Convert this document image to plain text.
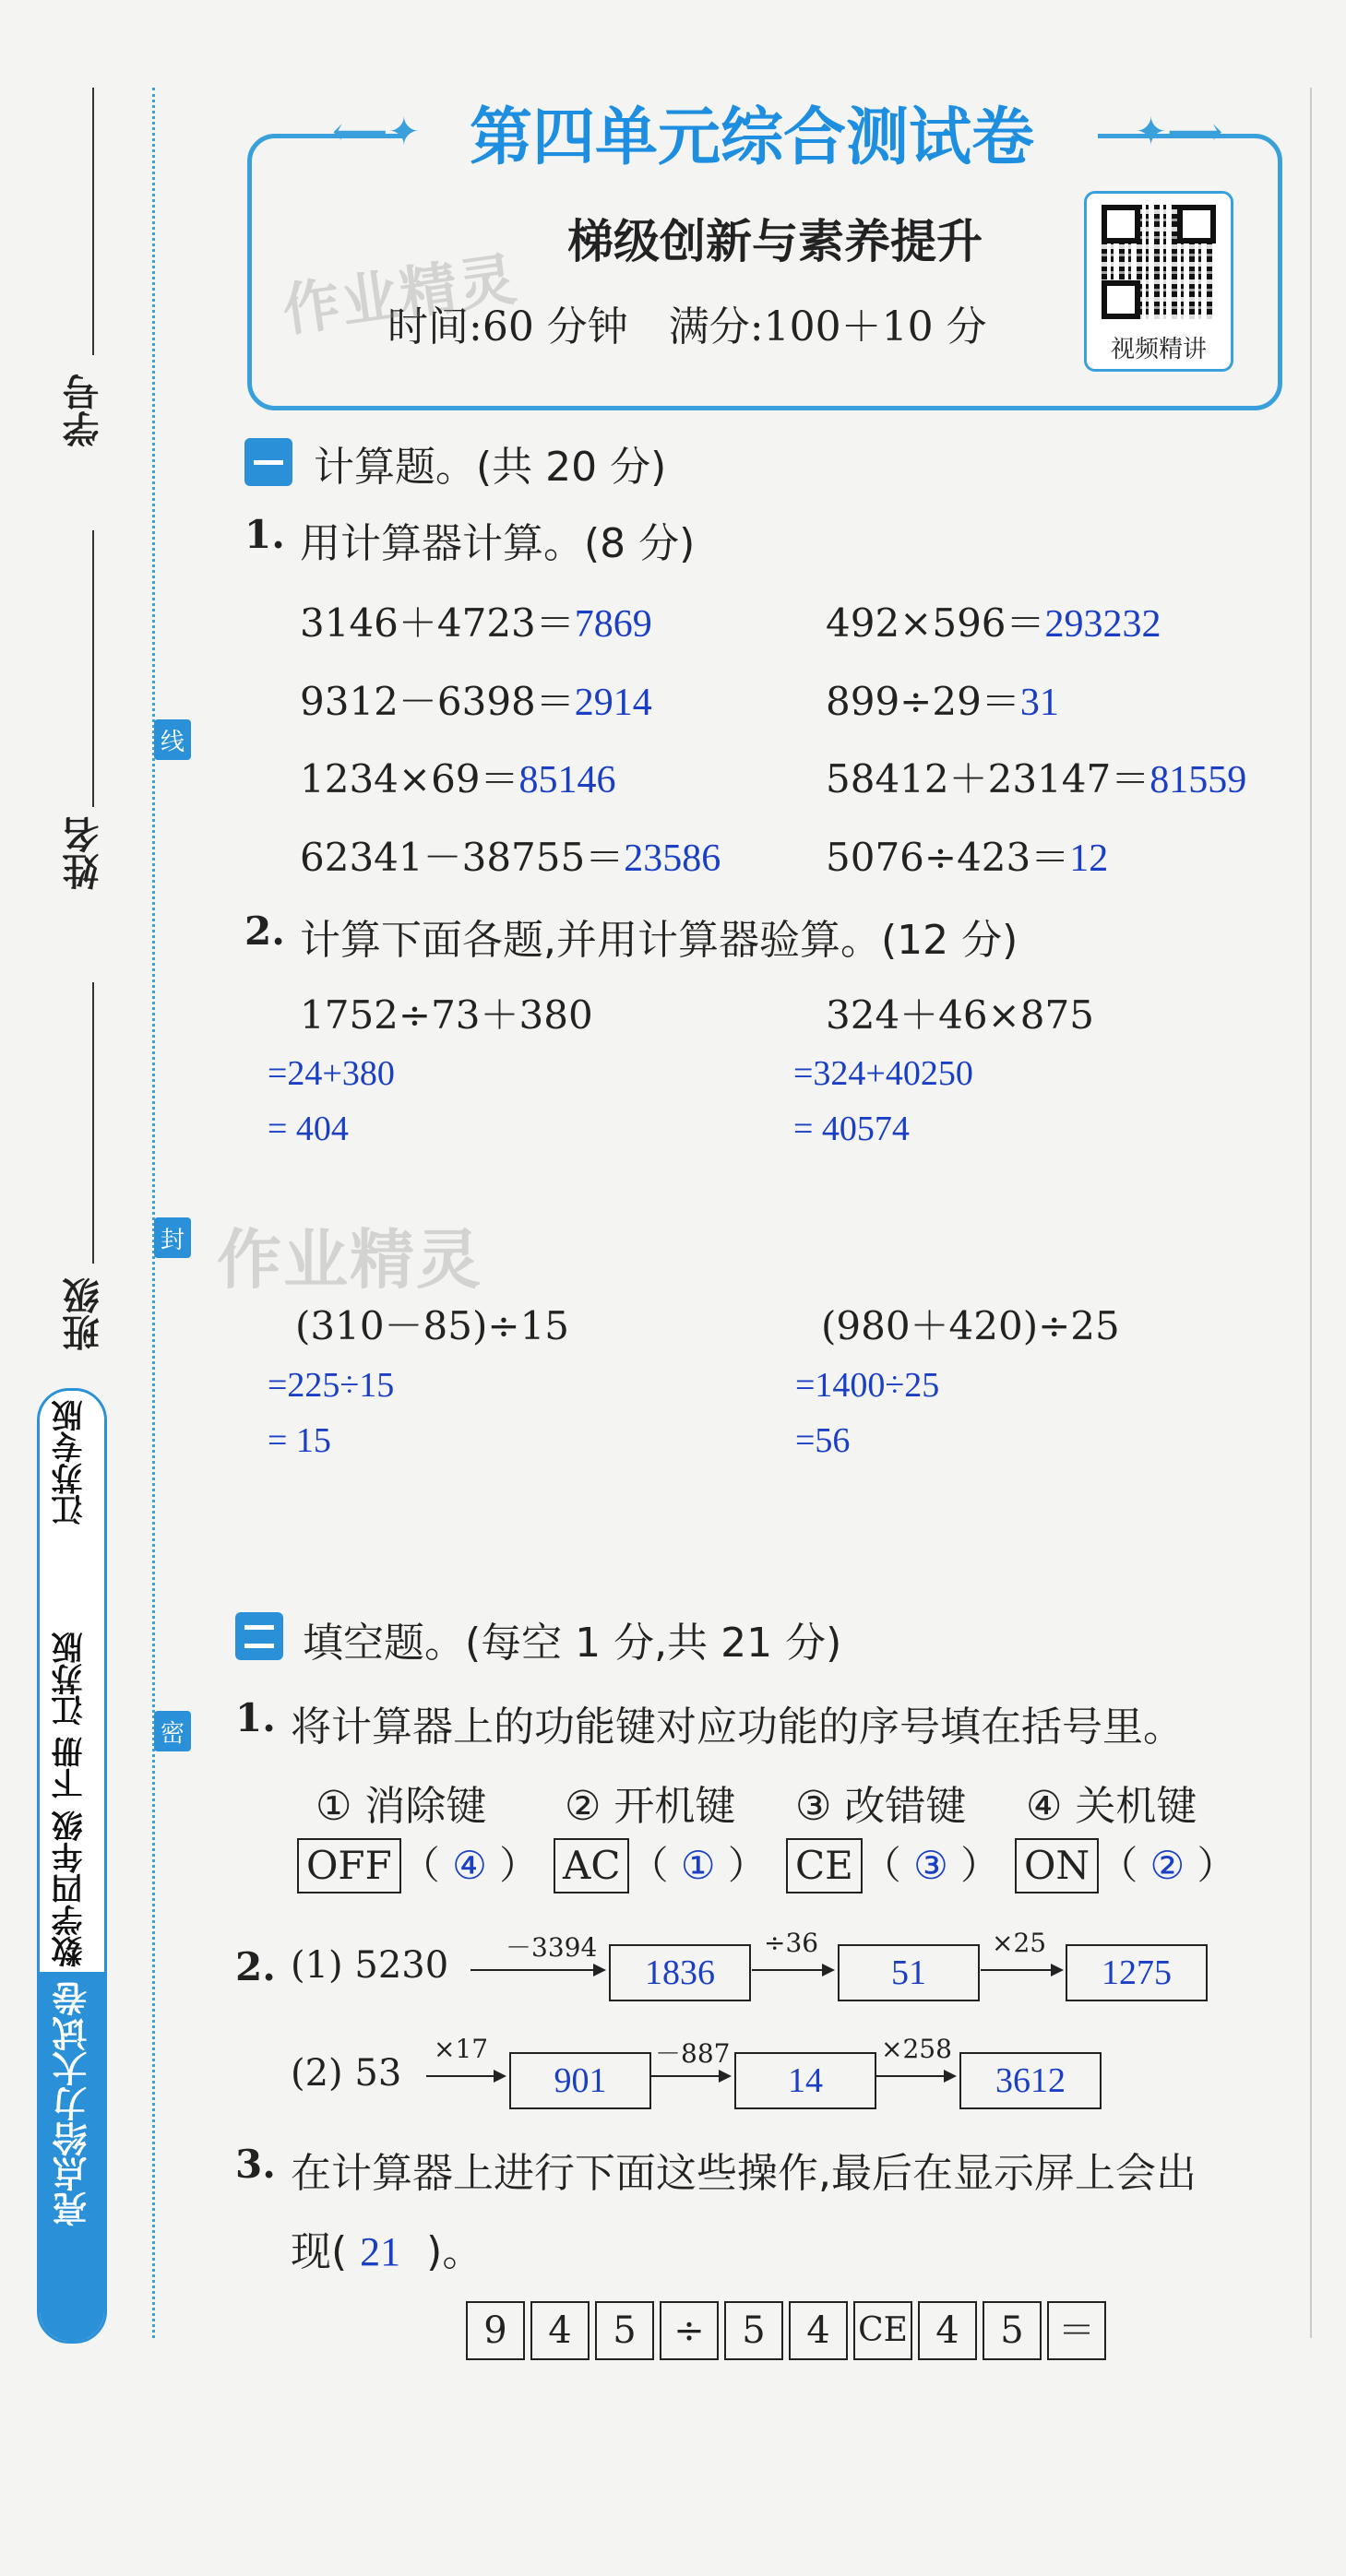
学号
姓名
班级
线
封
密
江苏专版
数学四年级 下册 江苏版
亮点给力大试卷
第四单元综合测试卷
⟵✦	✦⟶
梯级创新与素养提升
时间:60 分钟　满分:100＋10 分	视频精讲
作业精灵
作业精灵
计算题。(共 20 分)
1. 用计算器计算。(8 分)
3146＋4723＝7869	492×596＝293232
9312－6398＝2914	899÷29＝31
1234×69＝85146	58412＋23147＝81559
62341－38755＝23586	5076÷423＝12
2. 计算下面各题,并用计算器验算。(12 分)
1752÷73＋380
=24+380
= 404
324＋46×875
=324+40250
= 40574
(310－85)÷15
=225÷15
= 15
(980＋420)÷25
=1400÷25
=56
填空题。(每空 1 分,共 21 分)
1. 将计算器上的功能键对应功能的序号填在括号里。
① 消除键 ② 开机键 ③ 改错键 ④ 关机键
OFF （ ④ ） AC （ ① ） CE （ ③ ） ON （ ② ）
2. (1) 5230 －3394
1836
÷36
51
×25
1275
(2) 53
×17
901
－887
14
×258
3612
3. 在计算器上进行下面这些操作,最后在显示屏上会出
现( 21 )。
9	4	5	÷	5	4 CE 4	5 ＝
